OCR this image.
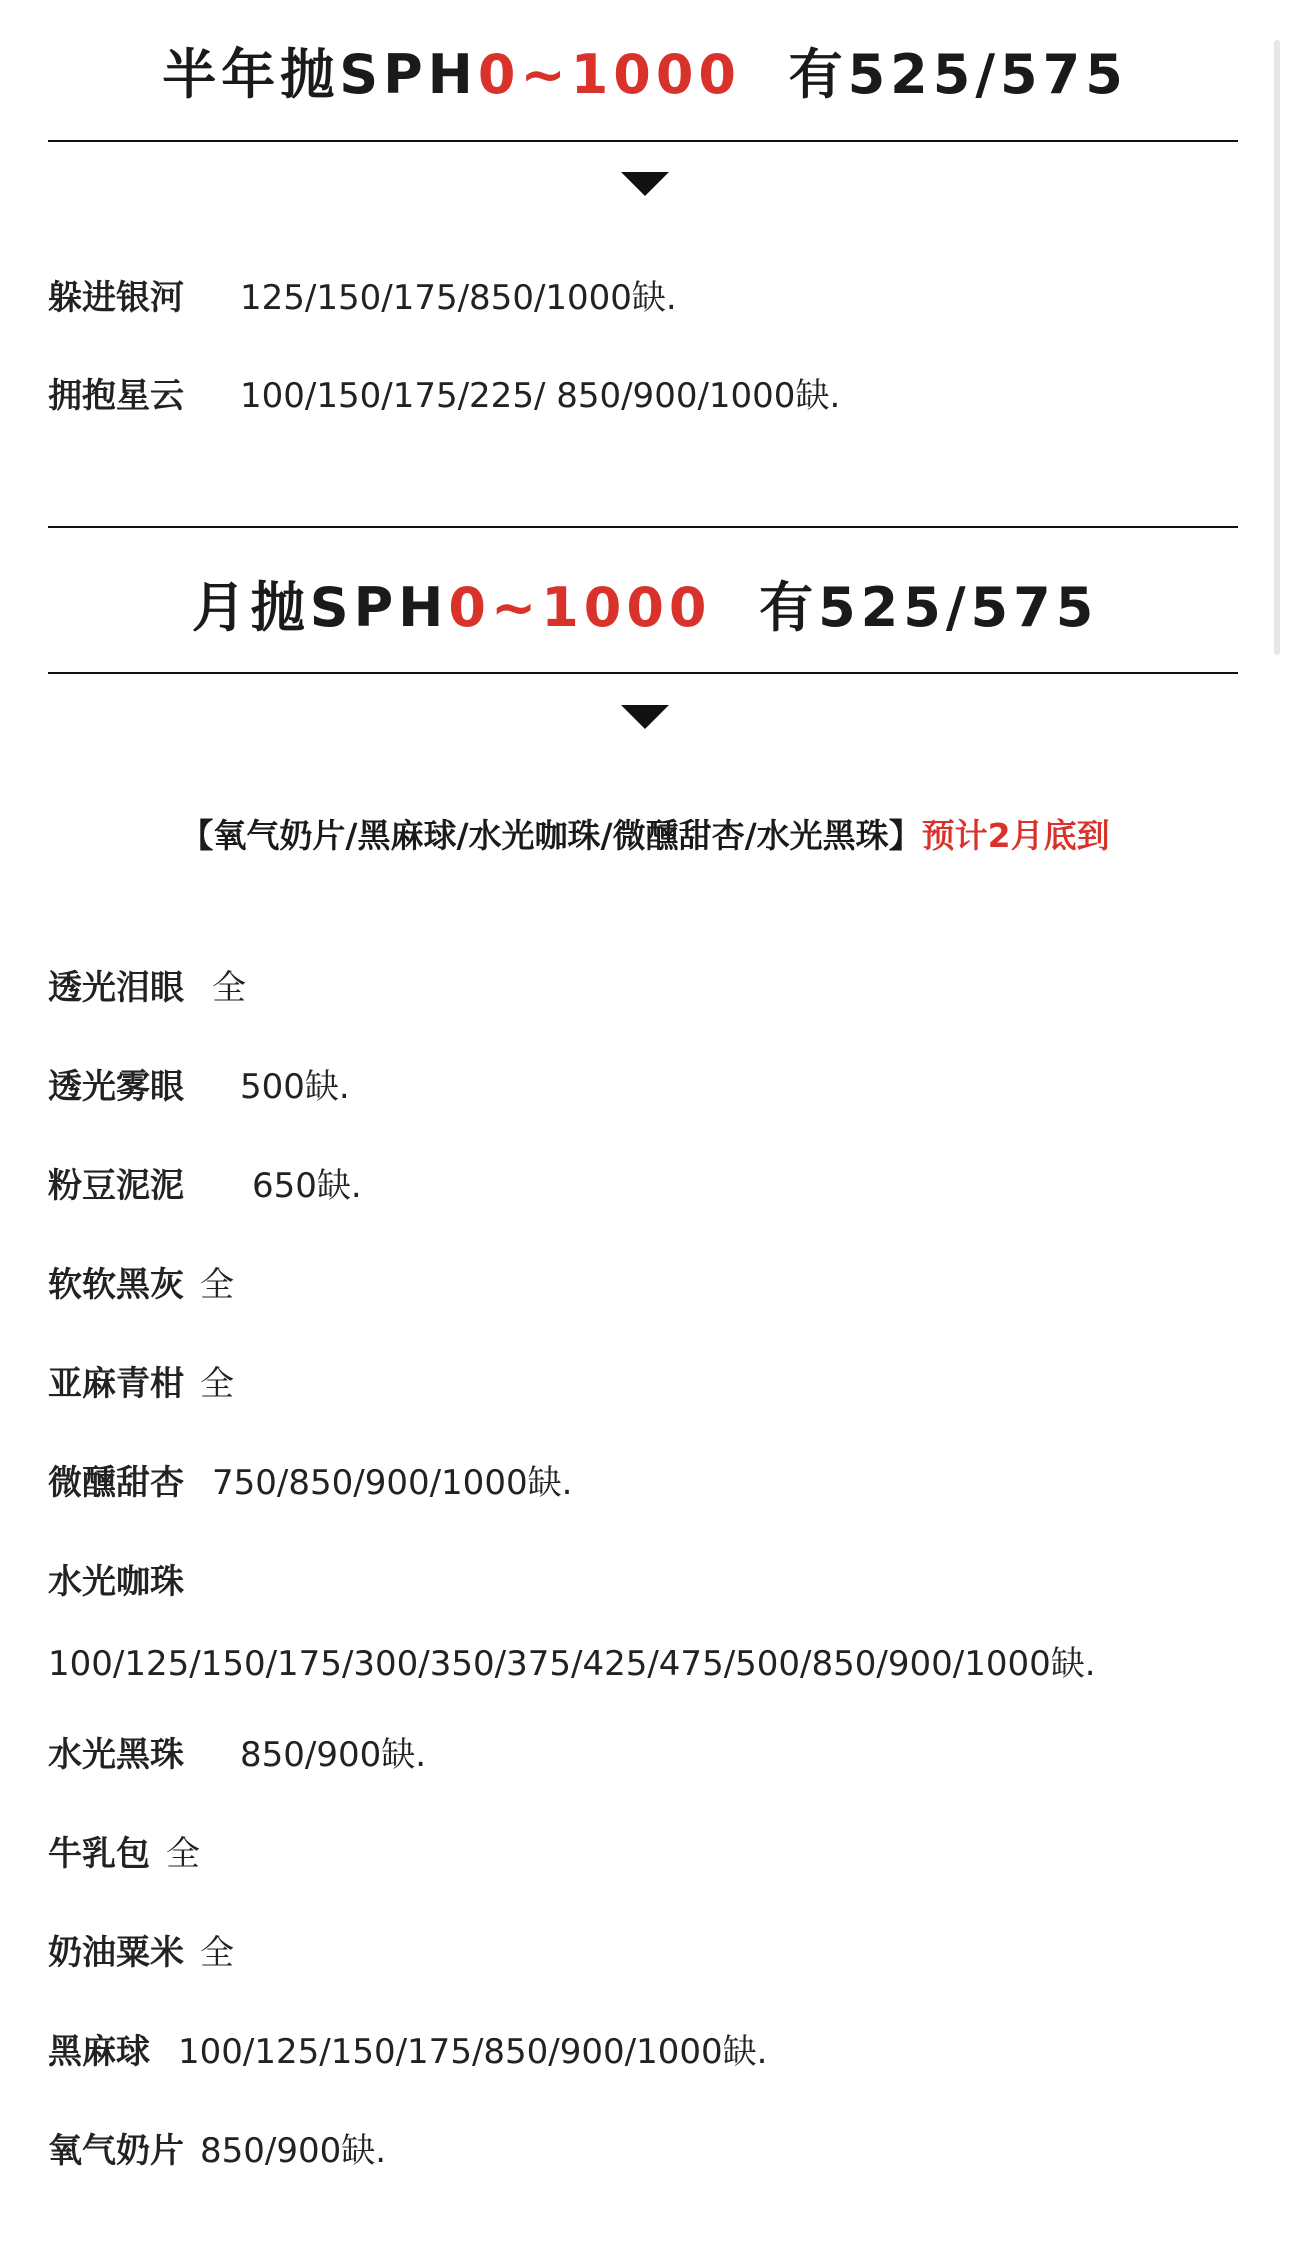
半年抛SPH0~1000 有525/575
躲进银河 125/150/175/850/1000缺.
拥抱星云 100/150/175/225/ 850/900/1000缺.
月抛SPH0~1000 有525/575
【氧气奶片/黑麻球/水光咖珠/微醺甜杏/水光黑珠】预计2月底到
透光泪眼 全
透光雾眼 500缺.
粉豆泥泥 650缺.
软软黑灰 全
亚麻青柑 全
微醺甜杏 750/850/900/1000缺.
水光咖珠
100/125/150/175/300/350/375/425/475/500/850/900/1000缺.
水光黑珠 850/900缺.
牛乳包 全
奶油粟米 全
黑麻球 100/125/150/175/850/900/1000缺.
氧气奶片 850/900缺.
